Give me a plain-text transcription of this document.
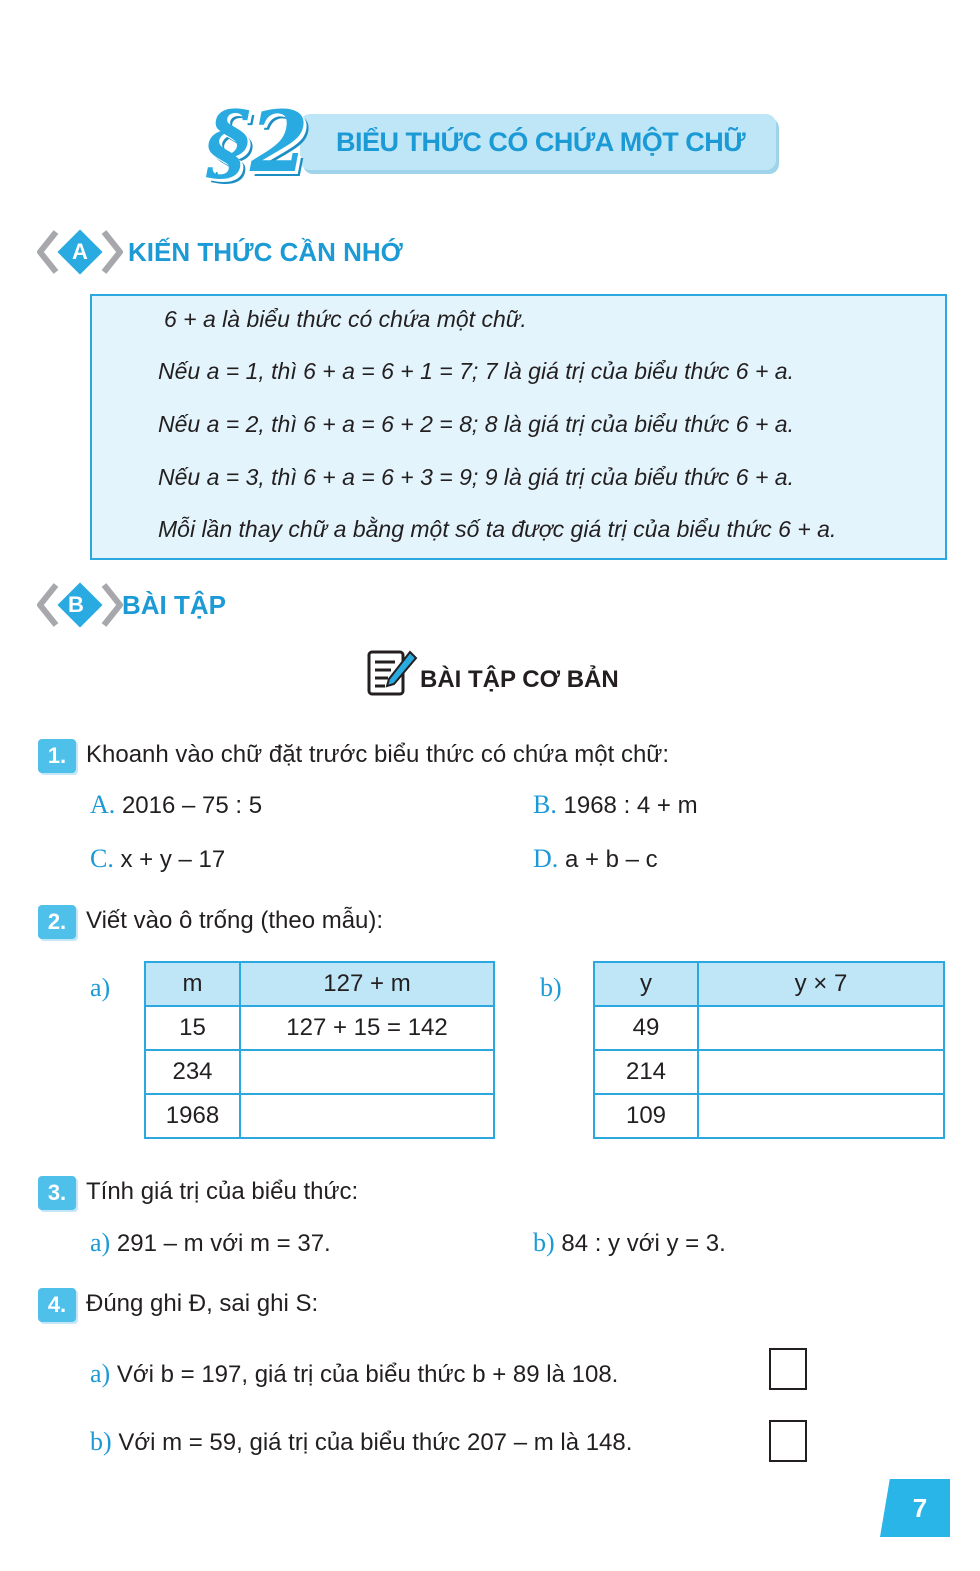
§2	BIỂU THỨC CÓ CHỨA MỘT CHỮ
A	KIẾN THỨC CẦN NHỚ
6 + a là biểu thức có chứa một chữ.
Nếu a = 1, thì 6 + a = 6 + 1 = 7; 7 là giá trị của biểu thức 6 + a.
Nếu a = 2, thì 6 + a = 6 + 2 = 8; 8 là giá trị của biểu thức 6 + a.
Nếu a = 3, thì 6 + a = 6 + 3 = 9; 9 là giá trị của biểu thức 6 + a.
Mỗi lần thay chữ a bằng một số ta được giá trị của biểu thức 6 + a.
B	BÀI TẬP
BÀI TẬP CƠ BẢN
1. Khoanh vào chữ đặt trước biểu thức có chứa một chữ:
A. 2016 – 75 : 5	B. 1968 : 4 + m
C. x + y – 17	D. a + b – c
2. Viết vào ô trống (theo mẫu):
a)	m	127 + m
15	127 + 15 = 142
234	
1968	
b)	y	y × 7
49	
214	
109	
3. Tính giá trị của biểu thức:
a) 291 – m với m = 37.	b) 84 : y với y = 3.
4. Đúng ghi Đ, sai ghi S:
a) Với b = 197, giá trị của biểu thức b + 89 là 108.
b) Với m = 59, giá trị của biểu thức 207 – m là 148.
7
